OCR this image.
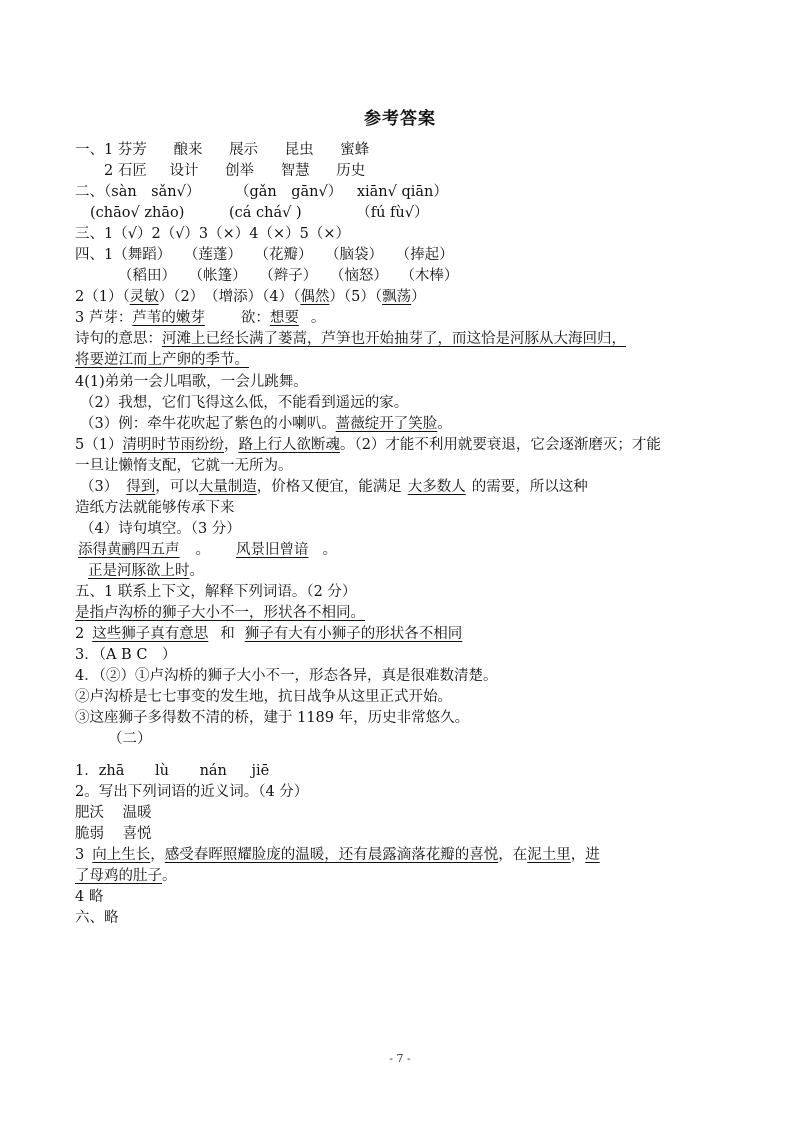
参考答案
一、1 芬芳 酿来 展示 昆虫 蜜蜂
2 石匠 设计 创举 智慧 历史
二、（sàn　sǎn√） （gǎn　gān√） xiān√ qiān）
(chāo√ zhāo)	(cá chá√ )	（fú fù√）
三、1（√）2（√）3（×）4（×）5（×）
四、1（舞蹈） （莲蓬） （花瓣） （脑袋） （捧起）
（稻田） （帐篷） （辫子） （恼怒） （木棒）
2（1）（灵敏）（2）　（增添）（4）（偶然）（5）（飘荡）
3 芦芽：芦苇的嫩芽 欲：想要 。
诗句的意思：河滩上已经长满了蒌蒿，芦笋也开始抽芽了，而这恰是河豚从大海回归，
将要逆江而上产卵的季节。
4(1)弟弟一会儿唱歌，一会儿跳舞。
（2）我想，它们飞得这么低，不能看到遥远的家。
（3）例：牵牛花吹起了紫色的小喇叭。蔷薇绽开了笑脸。
5（1）清明时节雨纷纷，路上行人欲断魂。（2）才能不利用就要衰退，它会逐渐磨灭；才能
一旦让懒惰支配，它就一无所为。
（3） 得到，可以大量制造，价格又便宜，能满足 大多数人 的需要，所以这种
造纸方法就能够传承下来
（4）诗句填空。（3 分）
添得黄鹂四五声 。 风景旧曾谙 。
正是河豚欲上时。
五、1 联系上下文，解释下列词语。（2 分）
是指卢沟桥的狮子大小不一，形状各不相同。
2 这些狮子真有意思 和 狮子有大有小狮子的形状各不相同
3．（A B C　）
4．（②）①卢沟桥的狮子大小不一，形态各异，真是很难数清楚。
②卢沟桥是七七事变的发生地，抗日战争从这里正式开始。
③这座狮子多得数不清的桥，建于 1189 年，历史非常悠久。
（二）
1．zhā lù nán jiē
2。写出下列词语的近义词。（4 分）
肥沃 温暖
脆弱 喜悦
3 向上生长，感受春晖照耀脸庞的温暖，还有晨露滴落花瓣的喜悦，在泥土里，进
了母鸡的肚子。
4 略
六、略
- 7 -
